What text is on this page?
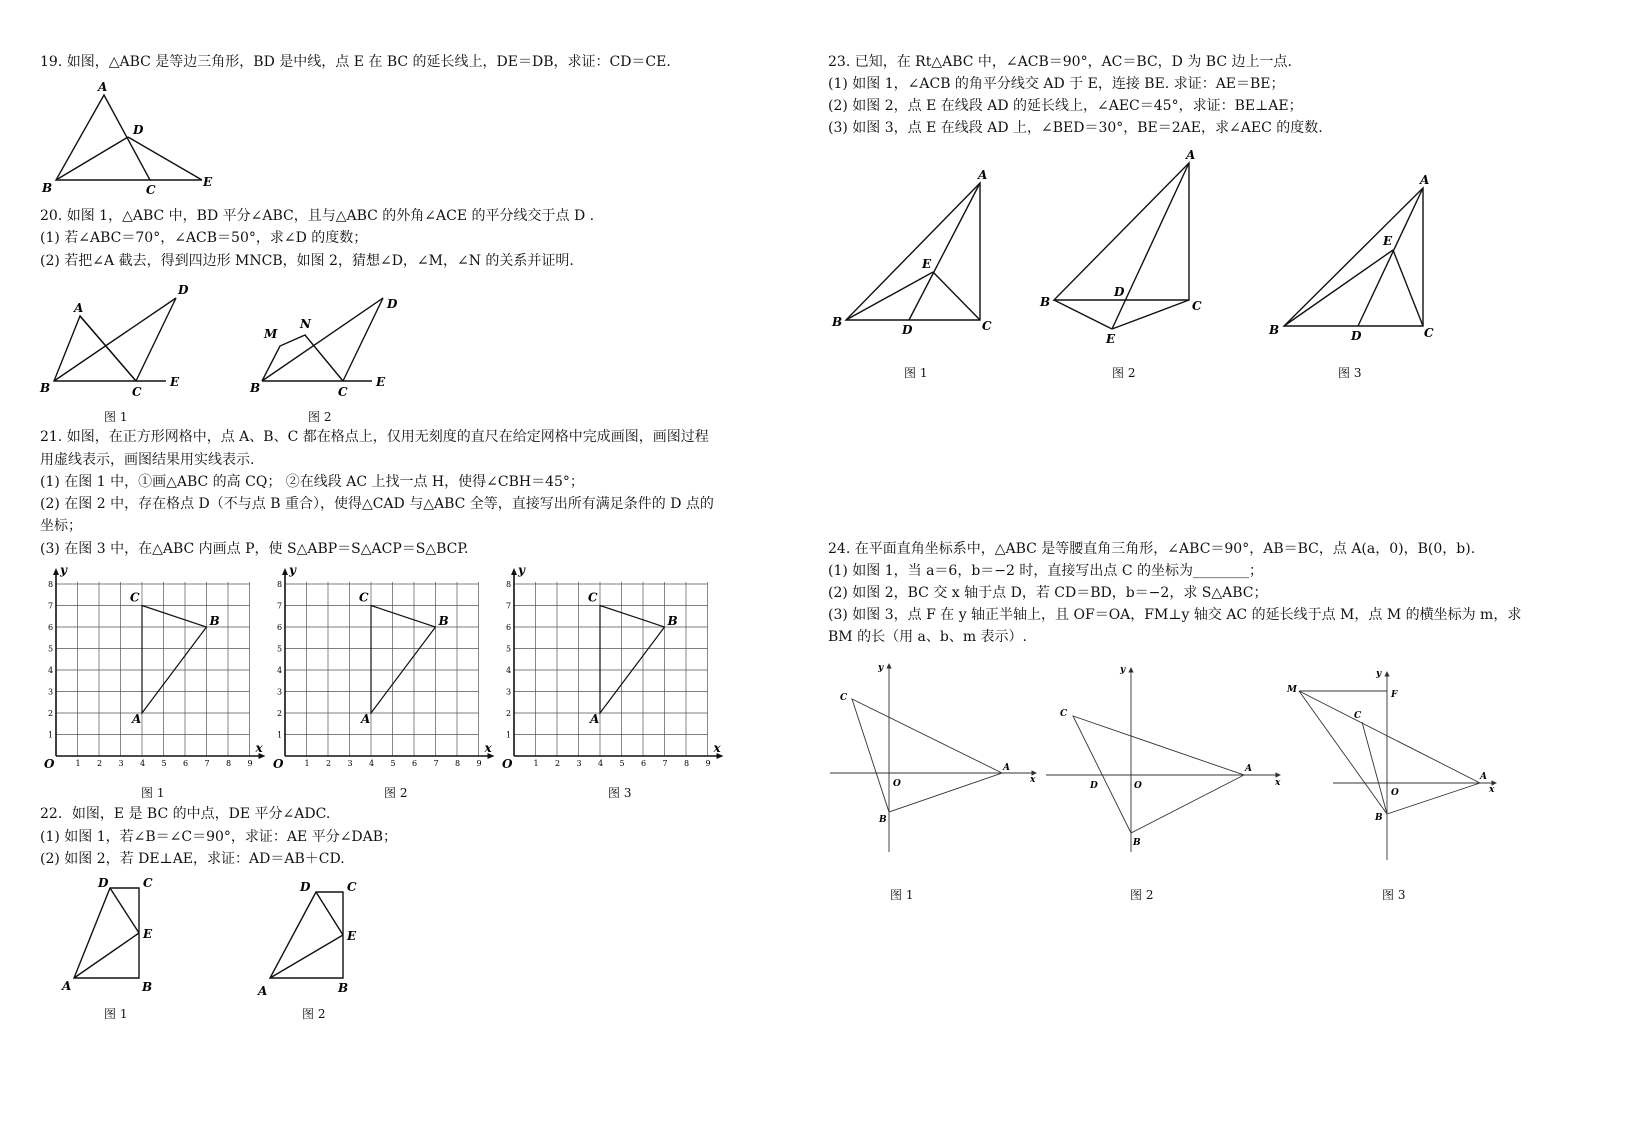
19. 如图，△ABC 是等边三角形，BD 是中线，点 E 在 BC 的延长线上，DE＝DB，求证：CD＝CE.
A
D
B	C
E
20. 如图 1，△ABC 中，BD 平分∠ABC，且与△ABC 的外角∠ACE 的平分线交于点 D .
(1) 若∠ABC＝70°，∠ACB＝50°，求∠D 的度数；
(2) 若把∠A 截去，得到四边形 MNCB，如图 2，猜想∠D，∠M，∠N 的关系并证明.
A
D
B	C
E
M
N
D
B	C
E
图 1	图 2
21. 如图，在正方形网格中，点 A、B、C 都在格点上，仅用无刻度的直尺在给定网格中完成画图，画图过程
用虚线表示，画图结果用实线表示.
(1) 在图 1 中，①画△ABC 的高 CQ； ②在线段 AC 上找一点 H，使得∠CBH＝45°；
(2) 在图 2 中，存在格点 D（不与点 B 重合），使得△CAD 与△ABC 全等，直接写出所有满足条件的 D 点的
坐标；
(3) 在图 3 中，在△ABC 内画点 P，使 S△ABP＝S△ACP＝S△BCP.
1
1
2
2
3
3
4
4
5
5
6
6
7
7
8
8
9
O
x
y
A
B
C
1
1
2
2
3
3
4
4
5
5
6
6
7
7
8
8
9
O
x
y
A
B
C
1
1
2
2
3
3
4
4
5
5
6
6
7
7
8
8
9
O
x
y
A
B
C
图 1	图 2	图 3
22．如图，E 是 BC 的中点，DE 平分∠ADC.
(1) 如图 1，若∠B＝∠C＝90°，求证：AE 平分∠DAB；
(2) 如图 2，若 DE⊥AE，求证：AD＝AB＋CD.
D	C
E
A	B
D	C
E
A	B
图 1	图 2
23. 已知，在 Rt△ABC 中，∠ACB＝90°，AC＝BC，D 为 BC 边上一点.
(1) 如图 1，∠ACB 的角平分线交 AD 于 E，连接 BE. 求证：AE＝BE；
(2) 如图 2，点 E 在线段 AD 的延长线上，∠AEC＝45°，求证：BE⊥AE；
(3) 如图 3，点 E 在线段 AD 上，∠BED＝30°，BE＝2AE，求∠AEC 的度数.
A
E
B
D	C
A
D
B	C
E
A
E
B	D	C
图 1	图 2	图 3
24. 在平面直角坐标系中，△ABC 是等腰直角三角形，∠ABC＝90°，AB＝BC，点 A(a，0)，B(0，b).
(1) 如图 1，当 a＝6，b＝−2 时，直接写出点 C 的坐标为________；
(2) 如图 2，BC 交 x 轴于点 D，若 CD＝BD，b＝−2，求 S△ABC；
(3) 如图 3，点 F 在 y 轴正半轴上，且 OF＝OA，FM⊥y 轴交 AC 的延长线于点 M，点 M 的横坐标为 m，求
BM 的长（用 a、b、m 表示）.
y
x
O
C
A
B
y
x
O
C
A
D
B
y
x
O
M	F
C
A
B
图 1	图 2	图 3
